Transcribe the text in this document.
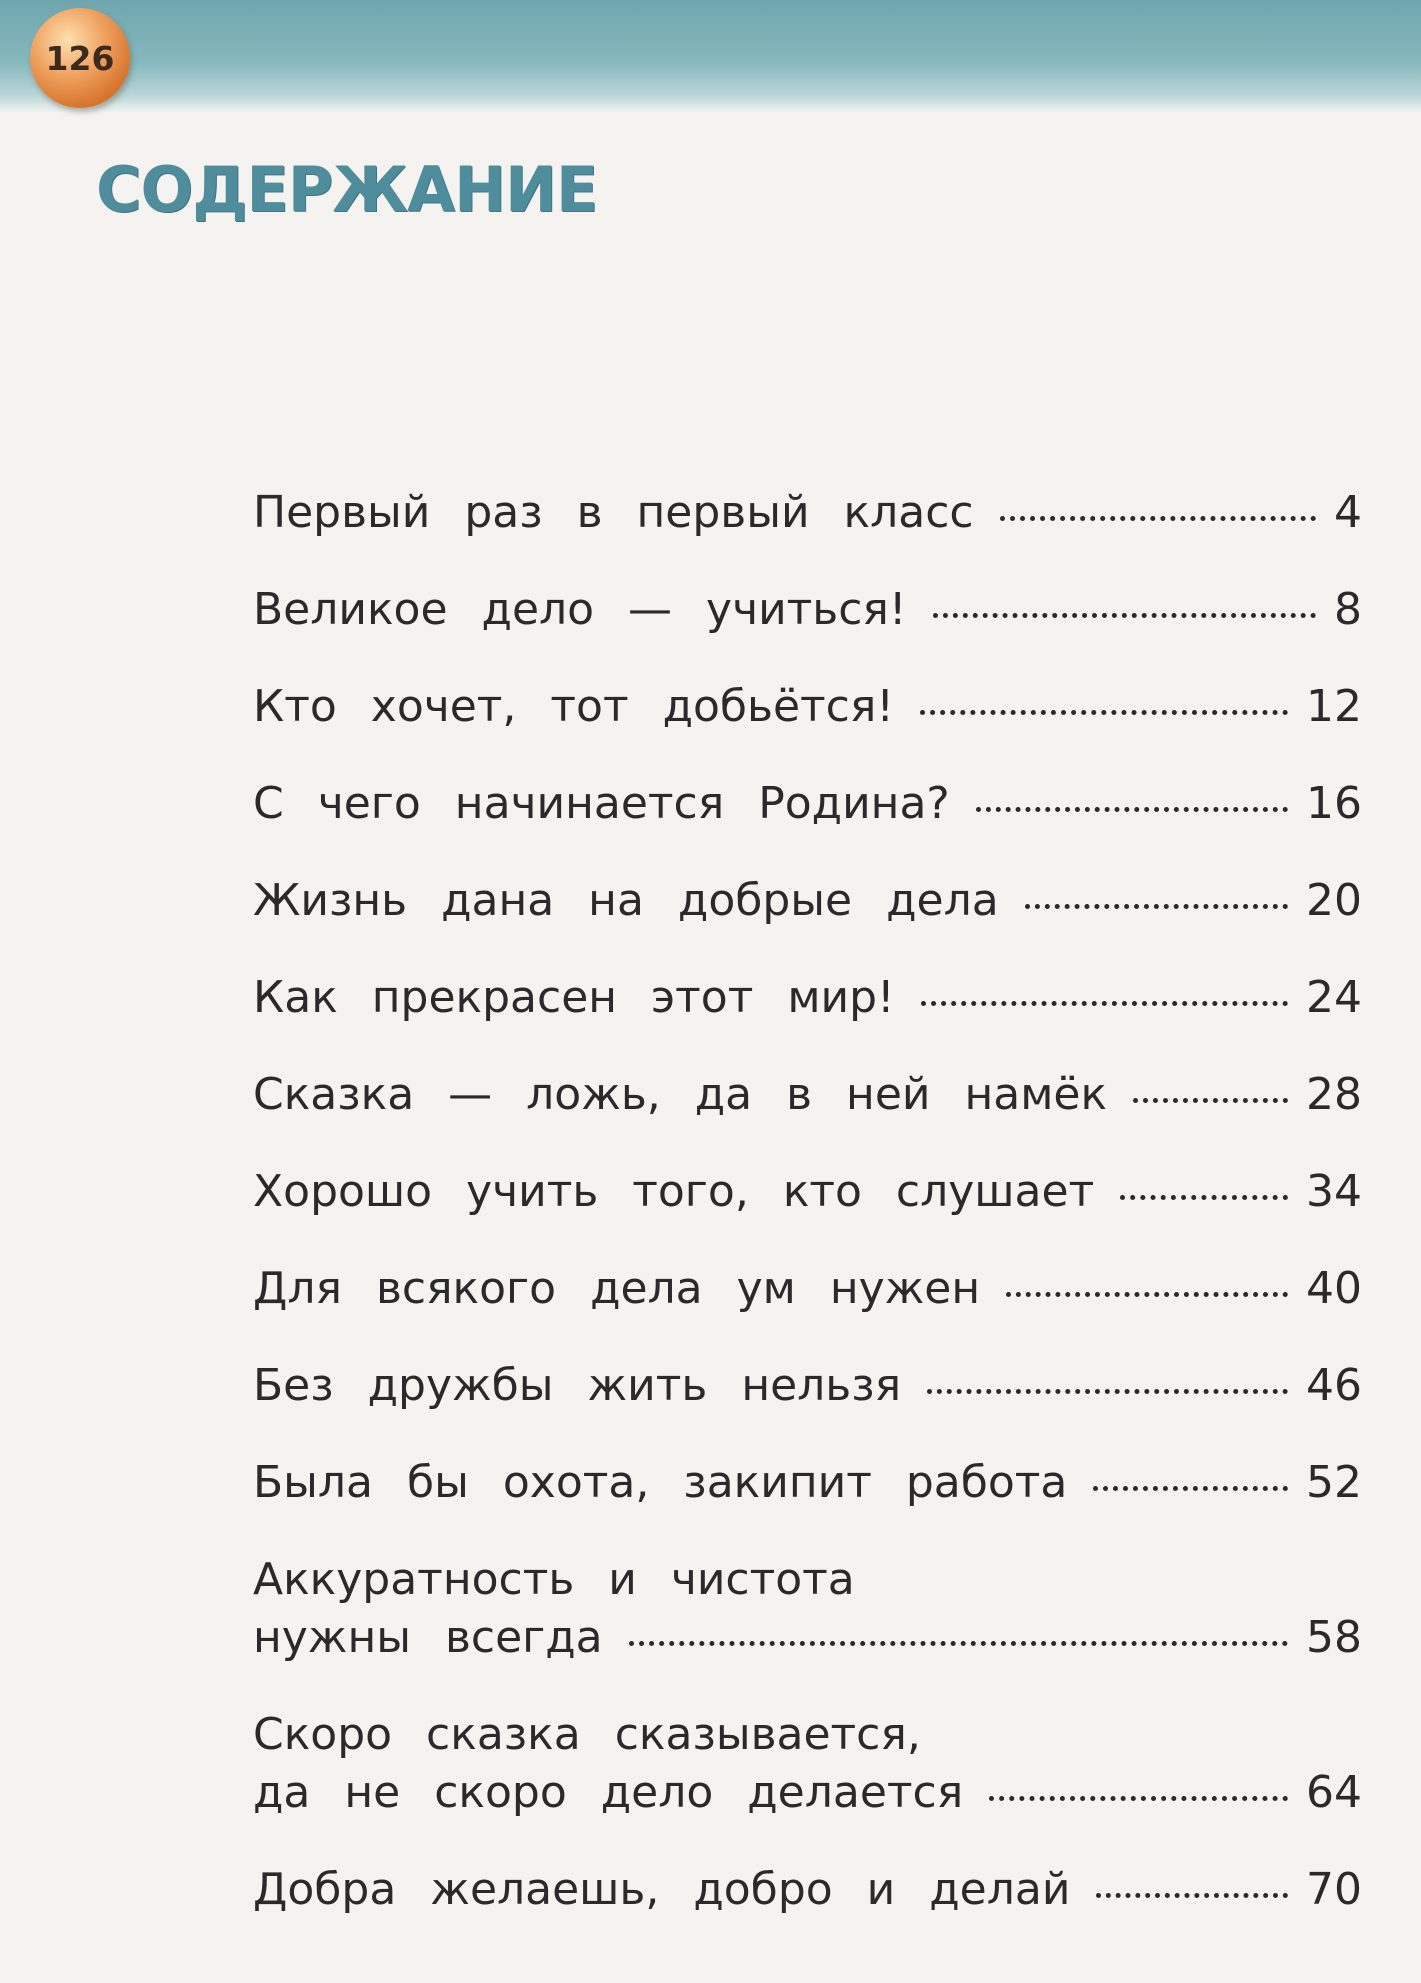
126
СОДЕРЖАНИЕ
Первый раз в первый класс	4
Великое дело — учиться!	8
Кто хочет, тот добьётся!	12
С чего начинается Родина?	16
Жизнь дана на добрые дела	20
Как прекрасен этот мир!	24
Сказка — ложь, да в ней намёк	28
Хорошо учить того, кто слушает	34
Для всякого дела ум нужен	40
Без дружбы жить нельзя	46
Была бы охота, закипит работа	52
Аккуратность и чистота
нужны всегда	58
Скоро сказка сказывается,
да не скоро дело делается	64
Добра желаешь, добро и делай	70
